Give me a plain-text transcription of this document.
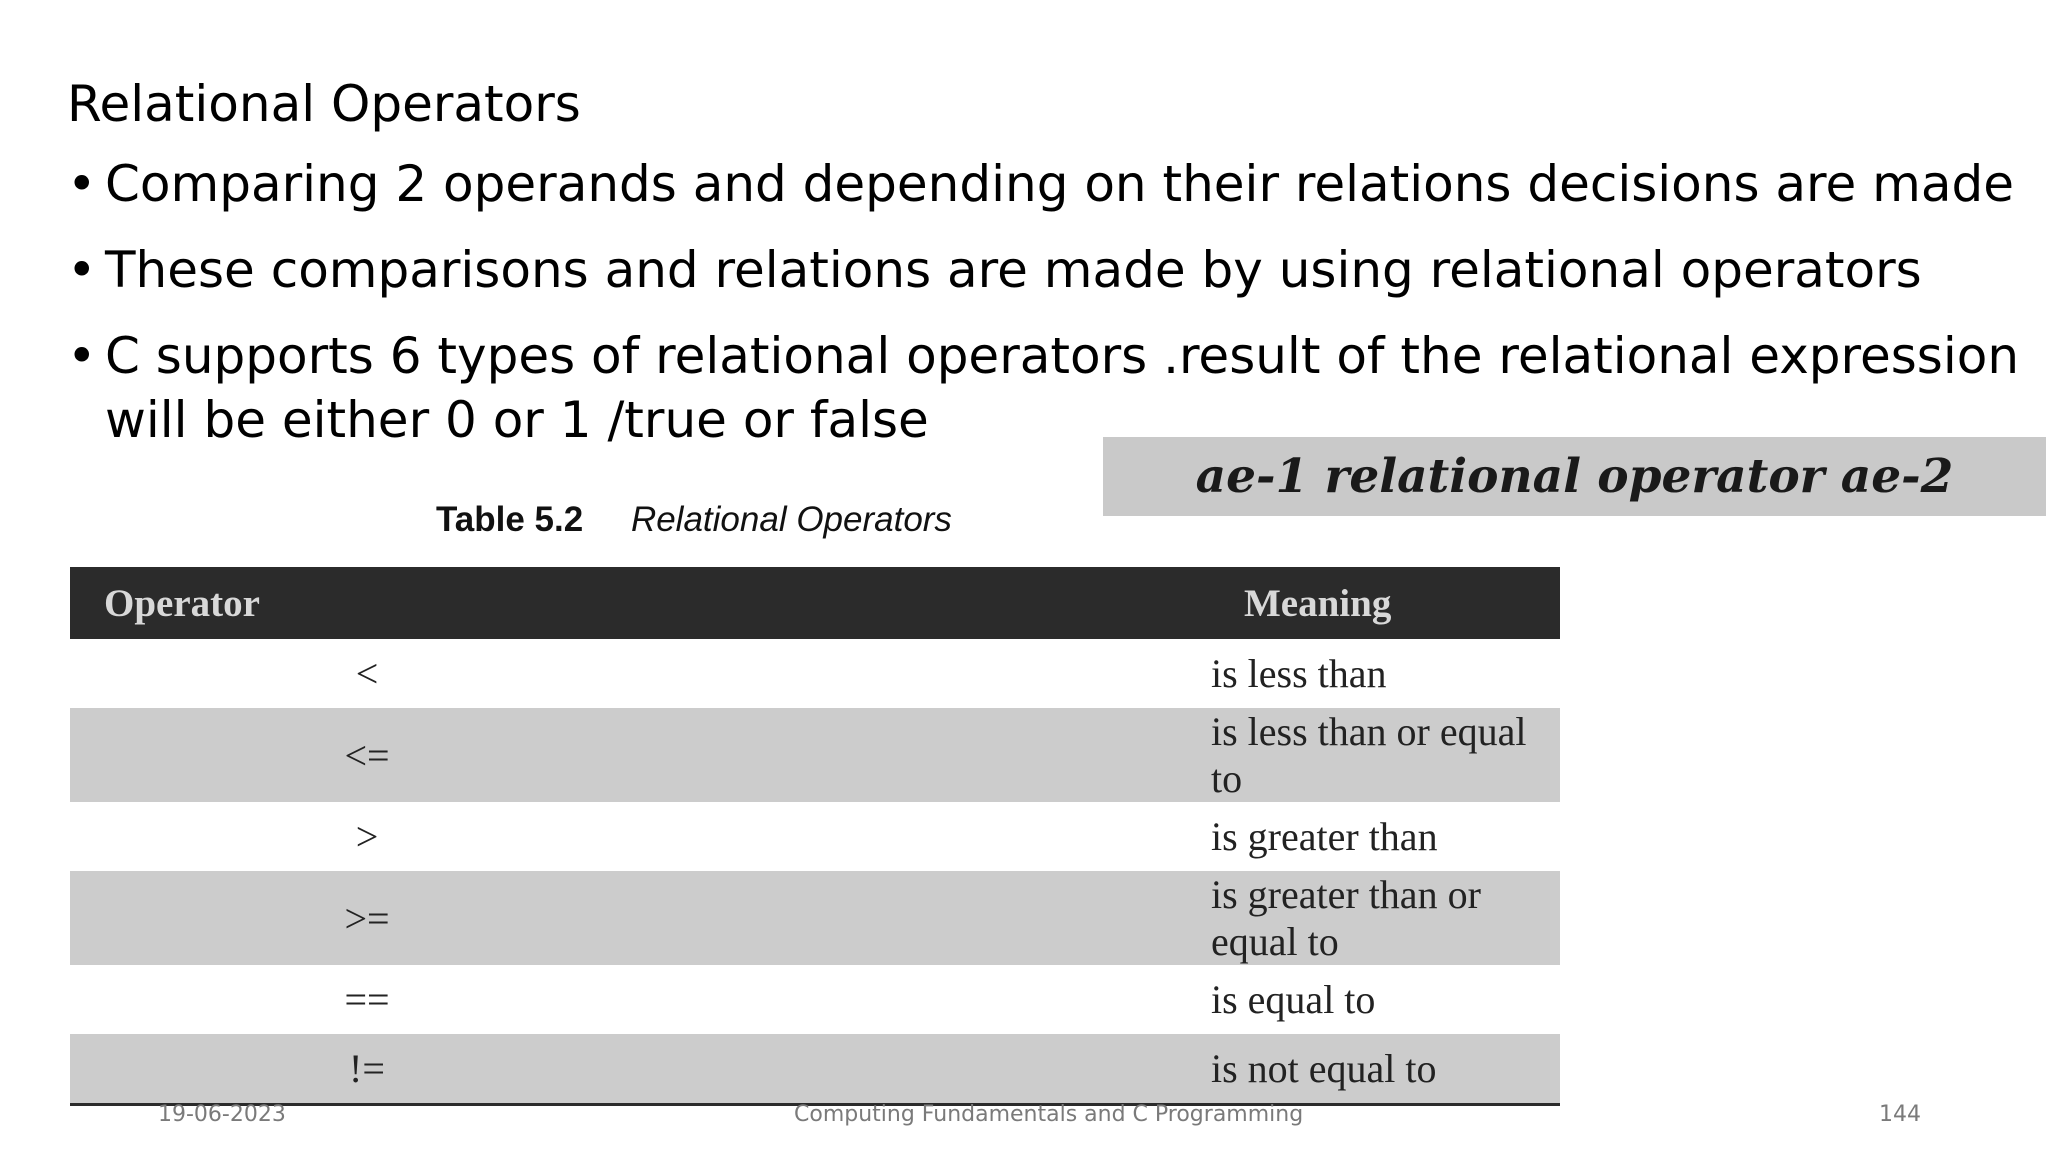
Relational Operators
• Comparing 2 operands and depending on their relations decisions are made
• These comparisons and relations are made by using relational operators
• C supports 6 types of relational operators .result of the relational expression
will be either 0 or 1 /true or false
ae-1 relational operator ae-2
Table 5.2 Relational Operators
Operator	Meaning
<	is less than
<=	is less than or equal to
>	is greater than
>=	is greater than or equal to
==	is equal to
!=	is not equal to
19-06-2023	Computing Fundamentals and C Programming	144
